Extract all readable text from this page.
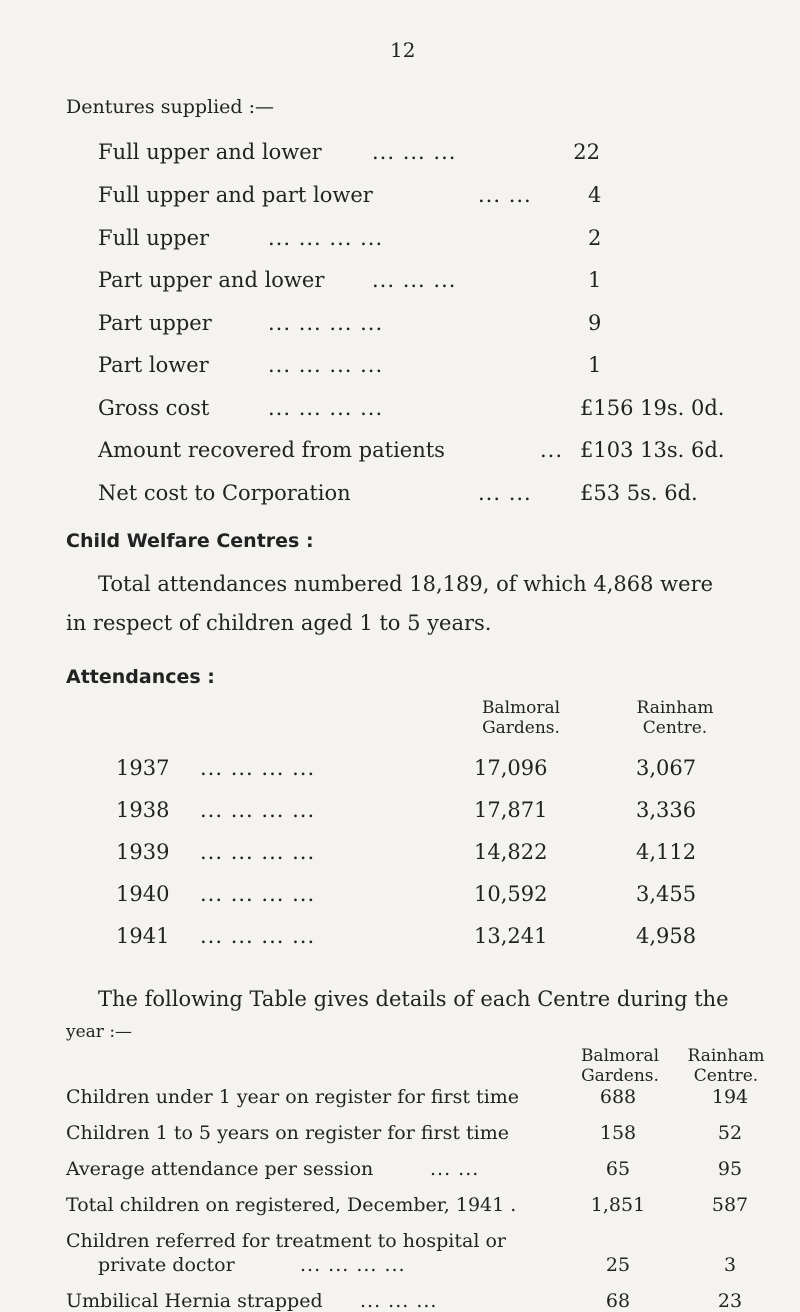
12
Dentures supplied :—
Full upper and lower ... ... ...	22
Full upper and part lower	... ...	4
Full upper	... ... ... ...	2
Part upper and lower ... ... ...	1
Part upper	... ... ... ...	9
Part lower	... ... ... ...	1
Gross cost	... ... ... ...	£156 19s. 0d.
Amount recovered from patients	... £103 13s. 6d.
Net cost to Corporation	... ... £53 5s. 6d.
Child Welfare Centres :
Total attendances numbered 18,189, of which 4,868 were
in respect of children aged 1 to 5 years.
Attendances :
Balmoral
Gardens.
Rainham
Centre.
1937 ... ... ... ...	17,096	3,067
1938 ... ... ... ...	17,871	3,336
1939 ... ... ... ...	14,822	4,112
1940 ... ... ... ...	10,592	3,455
1941 ... ... ... ...	13,241	4,958
The following Table gives details of each Centre during the
year :—
Balmoral
Gardens.
Rainham
Centre.
Children under 1 year on register for first time	688	194
Children 1 to 5 years on register for first time	158	52
Average attendance per session	... ...	65	95
Total children on registered, December, 1941 .	1,851	587
Children referred for treatment to hospital or
private doctor	... ... ... ...	25	3
Umbilical Hernia strapped ... ... ...	68	23
